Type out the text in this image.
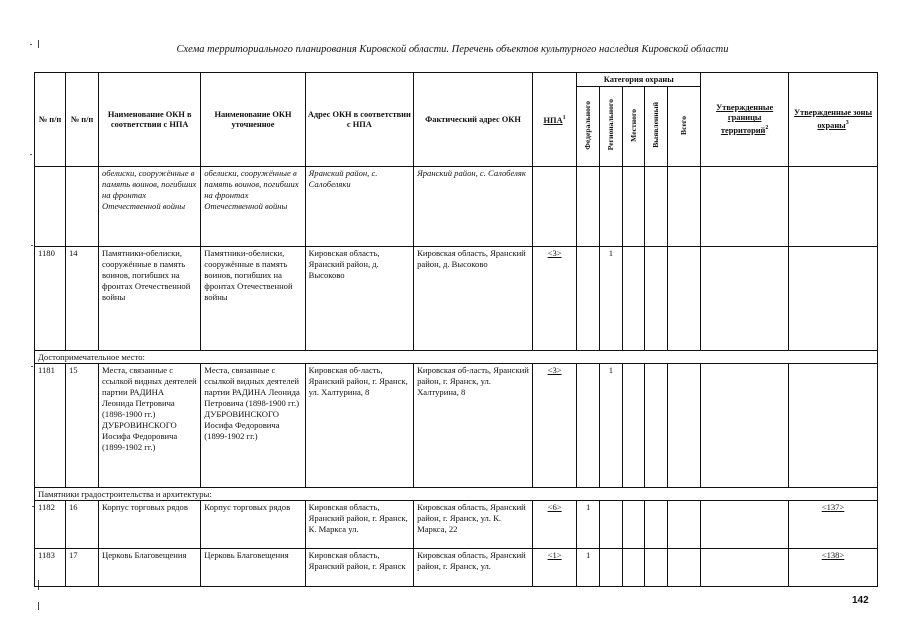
Схема территориального планирования Кировской области. Перечень объектов культурного наследия Кировской области
№ п/п	№ п/п	Наименование ОКН в соответствии с НПА	Наименование ОКН уточненное	Адрес ОКН в соответствии с НПА	Фактический адрес ОКН	НПА$^1$	Категория охраны					Утвержденные границы территорий$^2$	Утвержденные зоны охраны$^3$
							Федерального	Регионального	Местного	Выявленный	Всего		
		обелиски, сооружённые в память воинов, погибших на фронтах Отечественной войны	обелиски, сооружённые в память воинов, погибших на фронтах Отечественной войны	Яранский район, с. Салобеляки	Яранский район, с. Салобеляк								
1180	14	Памятники-обелиски, сооружённые в память воинов, погибших на фронтах Отечественной войны	Памятники-обелиски, сооружённые в память воинов, погибших на фронтах Отечественной войны	Кировская область, Яранский район, д. Высоково	Кировская область, Яранский район, д. Высоково	<3>		1					
Достопримечательное место:													
1181	15	Места, связанные с ссылкой видных деятелей партии РАДИНА Леонида Петровича (1898-1900 гг.) ДУБРОВИНСКОГО Иосифа Федоровича (1899-1902 гг.)	Места, связанные с ссылкой видных деятелей партии РАДИНА Леонида Петровича (1898-1900 гг.) ДУБРОВИНСКОГО Иосифа Федоровича (1899-1902 гг.)	Кировская об-ласть, Яранский район, г. Яранск, ул. Халтурина, 8	Кировская об-ласть, Яранский район, г. Яранск, ул. Халтурина, 8	<3>		1					
Памятники градостроительства и архитектуры:													
1182	16	Корпус торговых рядов	Корпус торговых рядов	Кировская область, Яранский район, г. Яранск, К. Маркса ул.	Кировская область, Яранский район, г. Яранск, ул. К. Маркса, 22	<6>	1						<137>
1183	17	Церковь Благовещения	Церковь Благовещения	Кировская область, Яранский район, г. Яранск	Кировская область, Яранский район, г. Яранск, ул.	<1>	1						<138>
142
